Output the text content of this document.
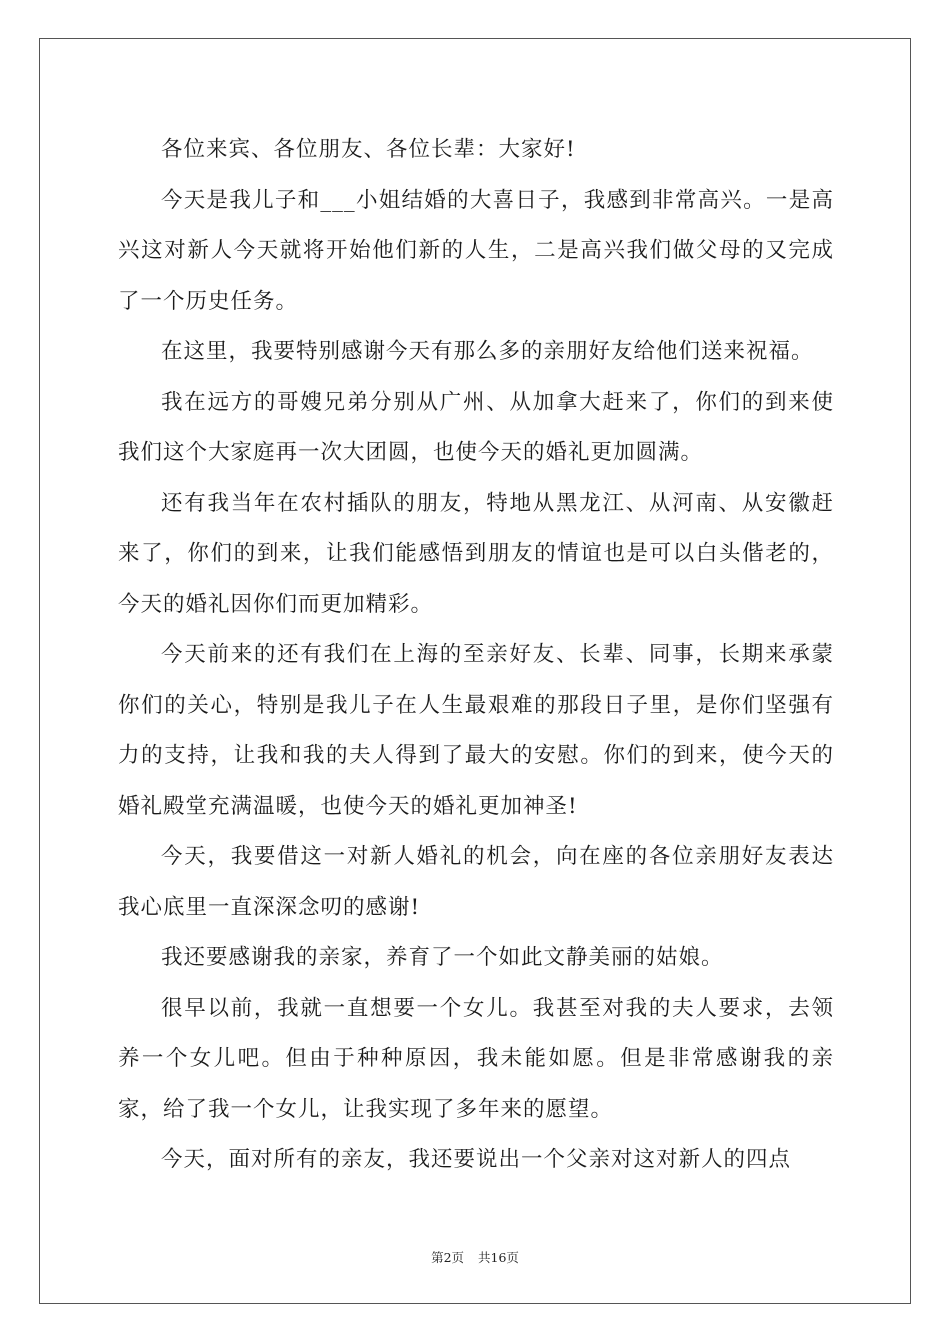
各位来宾、各位朋友、各位长辈：大家好!

今天是我儿子和___小姐结婚的大喜日子，我感到非常高兴。一是高兴这对新人今天就将开始他们新的人生，二是高兴我们做父母的又完成了一个历史任务。

在这里，我要特别感谢今天有那么多的亲朋好友给他们送来祝福。

我在远方的哥嫂兄弟分别从广州、从加拿大赶来了，你们的到来使我们这个大家庭再一次大团圆，也使今天的婚礼更加圆满。

还有我当年在农村插队的朋友，特地从黑龙江、从河南、从安徽赶来了，你们的到来，让我们能感悟到朋友的情谊也是可以白头偕老的，今天的婚礼因你们而更加精彩。

今天前来的还有我们在上海的至亲好友、长辈、同事，长期来承蒙你们的关心，特别是我儿子在人生最艰难的那段日子里，是你们坚强有力的支持，让我和我的夫人得到了最大的安慰。你们的到来，使今天的婚礼殿堂充满温暖，也使今天的婚礼更加神圣!

今天，我要借这一对新人婚礼的机会，向在座的各位亲朋好友表达我心底里一直深深念叨的感谢!

我还要感谢我的亲家，养育了一个如此文静美丽的姑娘。

很早以前，我就一直想要一个女儿。我甚至对我的夫人要求，去领养一个女儿吧。但由于种种原因，我未能如愿。但是非常感谢我的亲家，给了我一个女儿，让我实现了多年来的愿望。

今天，面对所有的亲友，我还要说出一个父亲对这对新人的四点

第2页 共16页
